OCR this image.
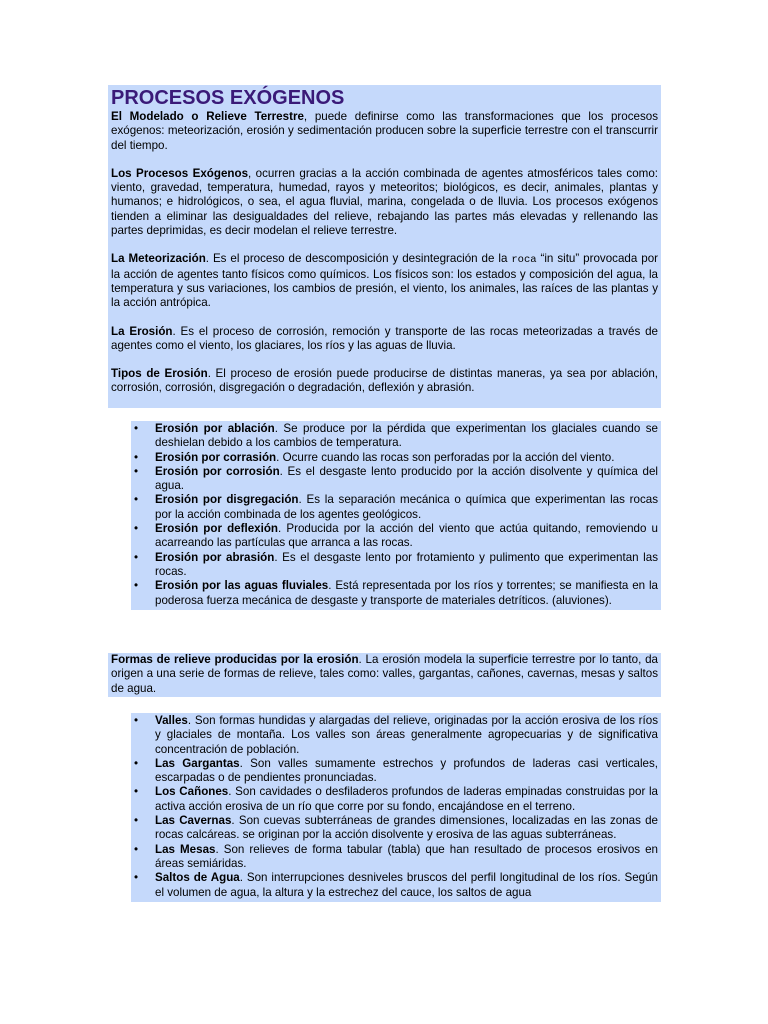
PROCESOS EXÓGENOS

El Modelado o Relieve Terrestre, puede definirse como las transformaciones que los procesos exógenos: meteorización, erosión y sedimentación producen sobre la superficie terrestre con el transcurrir del tiempo.

Los Procesos Exógenos, ocurren gracias a la acción combinada de agentes atmosféricos tales como: viento, gravedad, temperatura, humedad, rayos y meteoritos; biológicos, es decir, animales, plantas y humanos; e hidrológicos, o sea, el agua fluvial, marina, congelada o de lluvia. Los procesos exógenos tienden a eliminar las desigualdades del relieve, rebajando las partes más elevadas y rellenando las partes deprimidas, es decir modelan el relieve terrestre.

La Meteorización. Es el proceso de descomposición y desintegración de la roca “in situ” provocada por la acción de agentes tanto físicos como químicos. Los físicos son: los estados y composición del agua, la temperatura y sus variaciones, los cambios de presión, el viento, los animales, las raíces de las plantas y la acción antrópica.

La Erosión. Es el proceso de corrosión, remoción y transporte de las rocas meteorizadas a través de agentes como el viento, los glaciares, los ríos y las aguas de lluvia.

Tipos de Erosión. El proceso de erosión puede producirse de distintas maneras, ya sea por ablación, corrosión, corrosión, disgregación o degradación, deflexión y abrasión.

•
Erosión por ablación. Se produce por la pérdida que experimentan los glaciales cuando se deshielan debido a los cambios de temperatura.
•
Erosión por corrasión. Ocurre cuando las rocas son perforadas por la acción del viento.
•
Erosión por corrosión. Es el desgaste lento producido por la acción disolvente y química del agua.
•
Erosión por disgregación. Es la separación mecánica o química que experimentan las rocas por la acción combinada de los agentes geológicos.
•
Erosión por deflexión. Producida por la acción del viento que actúa quitando, removiendo u acarreando las partículas que arranca a las rocas.
•
Erosión por abrasión. Es el desgaste lento por frotamiento y pulimento que experimentan las rocas.
•
Erosión por las aguas fluviales. Está representada por los ríos y torrentes; se manifiesta en la poderosa fuerza mecánica de desgaste y transporte de materiales detríticos. (aluviones).

Formas de relieve producidas por la erosión. La erosión modela la superficie terrestre por lo tanto, da origen a una serie de formas de relieve, tales como: valles, gargantas, cañones, cavernas, mesas y saltos de agua.

•
Valles. Son formas hundidas y alargadas del relieve, originadas por la acción erosiva de los ríos y glaciales de montaña. Los valles son áreas generalmente agropecuarias y de significativa concentración de población.
•
Las Gargantas. Son valles sumamente estrechos y profundos de laderas casi verticales, escarpadas o de pendientes pronunciadas.
•
Los Cañones. Son cavidades o desfiladeros profundos de laderas empinadas construidas por la activa acción erosiva de un río que corre por su fondo, encajándose en el terreno.
•
Las Cavernas. Son cuevas subterráneas de grandes dimensiones, localizadas en las zonas de rocas calcáreas. se originan por la acción disolvente y erosiva de las aguas subterráneas.
•
Las Mesas. Son relieves de forma tabular (tabla) que han resultado de procesos erosivos en áreas semiáridas.
•
Saltos de Agua. Son interrupciones desniveles bruscos del perfil longitudinal de los ríos. Según el volumen de agua, la altura y la estrechez del cauce, los saltos de agua
